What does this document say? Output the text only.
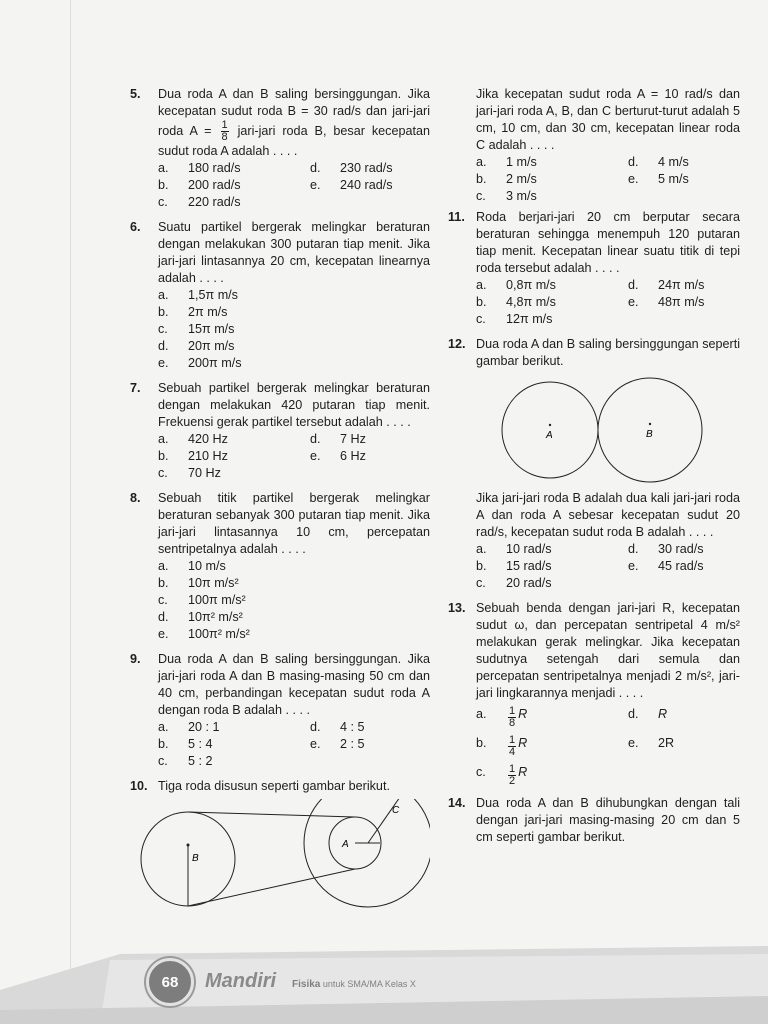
5. Dua roda A dan B saling bersinggungan. Jika kecepatan sudut roda B = 30 rad/s dan jari-jari roda $A = \frac{1}{8}$ jari-jari roda B, besar kecepatan sudut roda A adalah . . . .
a.	180 rad/s	d.	230 rad/s
b.	200 rad/s	e.	240 rad/s
c.	220 rad/s
6. Suatu partikel bergerak melingkar beraturan dengan melakukan 300 putaran tiap menit. Jika jari-jari lintasannya 20 cm, kecepatan linearnya adalah . . . .
a.	1,5π m/s
b.	2π m/s
c.	15π m/s
d.	20π m/s
e.	200π m/s
7. Sebuah partikel bergerak melingkar beraturan dengan melakukan 420 putaran tiap menit. Frekuensi gerak partikel tersebut adalah . . . .
a.	420 Hz	d.	7 Hz
b.	210 Hz	e.	6 Hz
c.	70 Hz
8. Sebuah titik partikel bergerak melingkar beraturan sebanyak 300 putaran tiap menit. Jika jari-jari lintasannya 10 cm, percepatan sentripetalnya adalah . . . .
a.	10 m/s
b.	10π m/s²
c.	100π m/s²
d.	10π² m/s²
e.	100π² m/s²
9. Dua roda A dan B saling bersinggungan. Jika jari-jari roda A dan B masing-masing 50 cm dan 40 cm, perbandingan kecepatan sudut roda A dengan roda B adalah . . . .
a.	20 : 1	d.	4 : 5
b.	5 : 4	e.	2 : 5
c.	5 : 2
10. Tiga roda disusun seperti gambar berikut.
B
A
C
Jika kecepatan sudut roda A = 10 rad/s dan jari-jari roda A, B, dan C berturut-turut adalah 5 cm, 10 cm, dan 30 cm, kecepatan linear roda C adalah . . . .
a.	1 m/s	d.	4 m/s
b.	2 m/s	e.	5 m/s
c.	3 m/s
11. Roda berjari-jari 20 cm berputar secara beraturan sehingga menempuh 120 putaran tiap menit. Kecepatan linear suatu titik di tepi roda tersebut adalah . . . .
a.	0,8π m/s	d.	24π m/s
b.	4,8π m/s	e.	48π m/s
c.	12π m/s
12. Dua roda A dan B saling bersinggungan seperti gambar berikut.
A	B
Jika jari-jari roda B adalah dua kali jari-jari roda A dan roda A sebesar kecepatan sudut 20 rad/s, kecepatan sudut roda B adalah . . . .
a.	10 rad/s	d.	30 rad/s
b.	15 rad/s	e.	45 rad/s
c.	20 rad/s
13. Sebuah benda dengan jari-jari R, kecepatan sudut ω, dan percepatan sentripetal 4 m/s² melakukan gerak melingkar. Jika kecepatan sudutnya setengah dari semula dan percepatan sentripetalnya menjadi 2 m/s², jari-jari lingkarannya menjadi . . . .
a.	$\frac{1}{8}$ R	d.	R
b.	$\frac{1}{4}$ R	e.	2R
c.	$\frac{1}{2}$ R
14. Dua roda A dan B dihubungkan dengan tali dengan jari-jari masing-masing 20 cm dan 5 cm seperti gambar berikut.
68 Mandiri Fisika untuk SMA/MA Kelas X
